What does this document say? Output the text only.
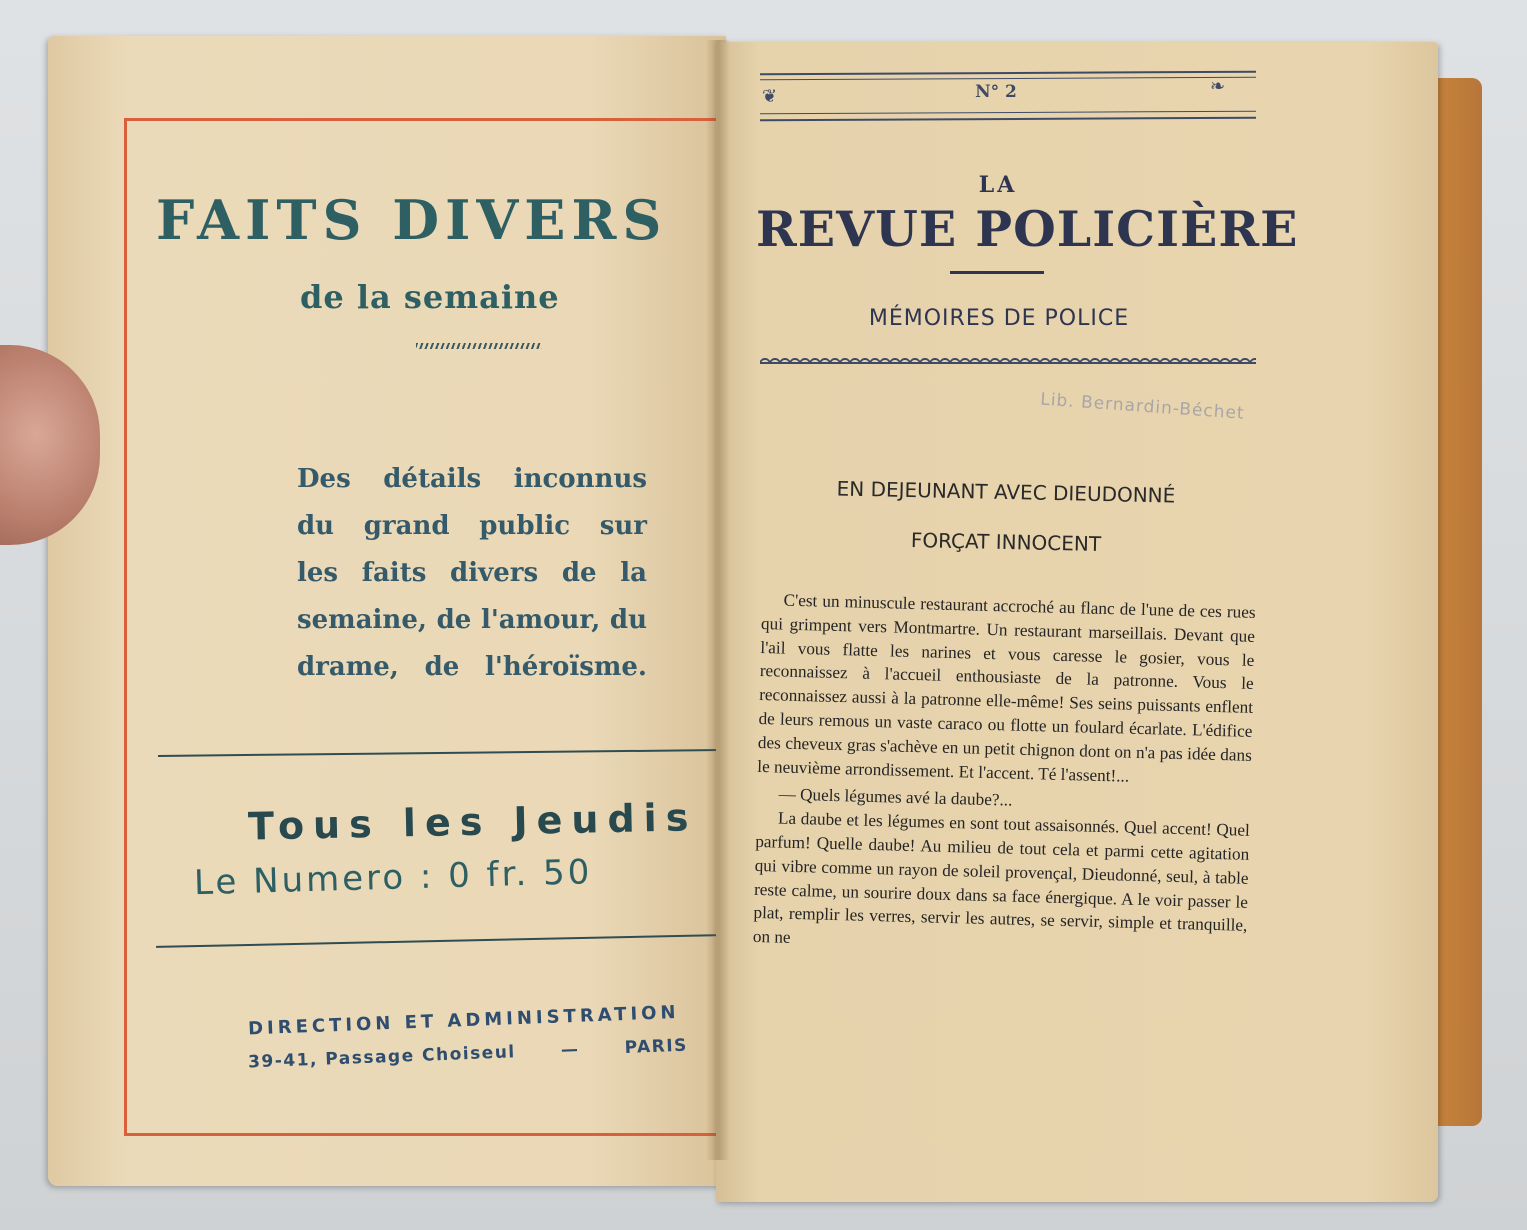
FAITS DIVERS
de la semaine
Des détails inconnus
du grand public sur
les faits divers de la
semaine, de l'amour, du
drame, de l'héroïsme.
Tous les Jeudis
Le Numero : 0 fr. 50
DIRECTION ET ADMINISTRATION
39-41, Passage Choiseul	—	PARIS
❦	N° 2	❧
LA
REVUE POLICIÈRE
MÉMOIRES DE POLICE
Lib. Bernardin-Béchet
EN DEJEUNANT AVEC DIEUDONNÉ
FORÇAT INNOCENT

C'est un minuscule restaurant accroché au flanc de l'une de ces rues qui grimpent vers Montmartre. Un restaurant marseillais. Devant que l'ail vous flatte les narines et vous caresse le gosier, vous le reconnaissez à l'accueil enthousiaste de la patronne. Vous le reconnaissez aussi à la patronne elle-même! Ses seins puissants enflent de leurs remous un vaste caraco ou flotte un foulard écarlate. L'édifice des cheveux gras s'achève en un petit chignon dont on n'a pas idée dans le neuvième arrondissement. Et l'accent. Té l'assent!...

— Quels légumes avé la daube?...

La daube et les légumes en sont tout assaisonnés. Quel accent! Quel parfum! Quelle daube! Au milieu de tout cela et parmi cette agitation qui vibre comme un rayon de soleil provençal, Dieudonné, seul, à table reste calme, un sourire doux dans sa face énergique. A le voir passer le plat, remplir les verres, servir les autres, se servir, simple et tranquille, on ne
